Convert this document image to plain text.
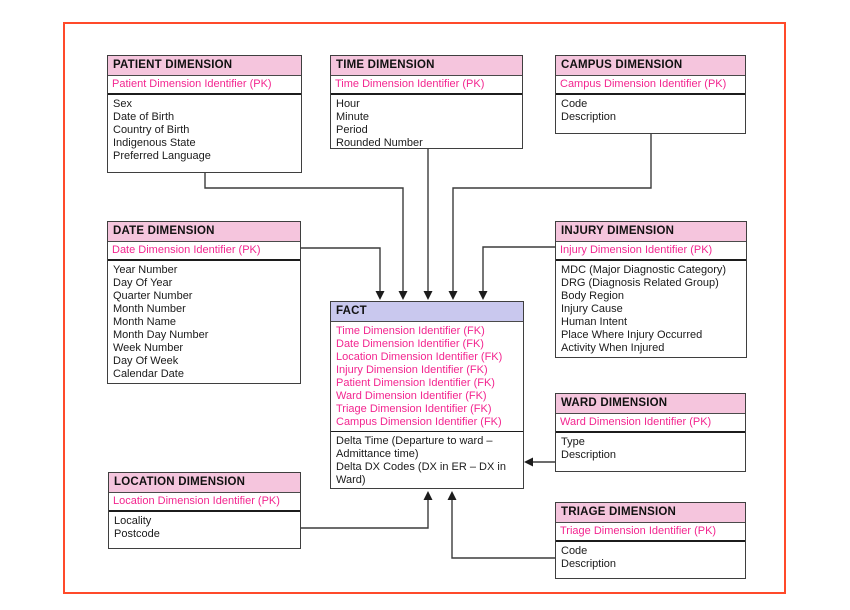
PATIENT DIMENSION
Patient Dimension Identifier (PK)
Sex
Date of Birth
Country of Birth
Indigenous State
Preferred Language
TIME DIMENSION
Time Dimension Identifier (PK)
Hour
Minute
Period
Rounded Number
CAMPUS DIMENSION
Campus Dimension Identifier (PK)
Code
Description
DATE DIMENSION
Date Dimension Identifier (PK)
Year Number
Day Of Year
Quarter Number
Month Number
Month Name
Month Day Number
Week Number
Day Of Week
Calendar Date
INJURY DIMENSION
Injury Dimension Identifier (PK)
MDC (Major Diagnostic Category)
DRG (Diagnosis Related Group)
Body Region
Injury Cause
Human Intent
Place Where Injury Occurred
Activity When Injured
FACT
Time Dimension Identifier (FK)
Date Dimension Identifier (FK)
Location Dimension Identifier (FK)
Injury Dimension Identifier (FK)
Patient Dimension Identifier (FK)
Ward Dimension Identifier (FK)
Triage Dimension Identifier (FK)
Campus Dimension Identifier (FK)
Delta Time (Departure to ward – Admittance time)
Delta DX Codes (DX in ER – DX in Ward)
WARD DIMENSION
Ward Dimension Identifier (PK)
Type
Description
LOCATION DIMENSION
Location Dimension Identifier (PK)
Locality
Postcode
TRIAGE DIMENSION
Triage Dimension Identifier (PK)
Code
Description
